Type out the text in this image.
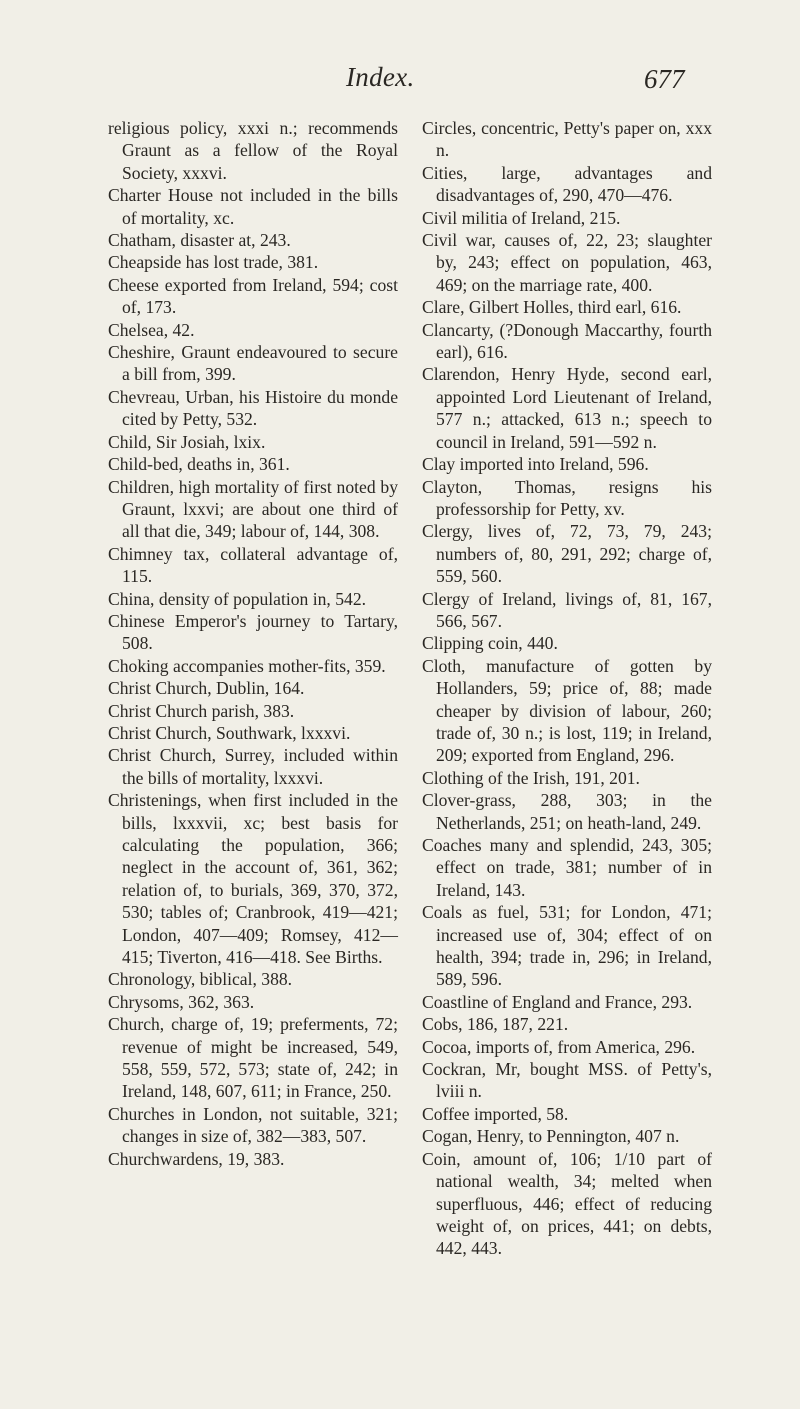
Index.	677

religious policy, xxxi n.; recommends Graunt as a fellow of the Royal Society, xxxvi.

Charter House not included in the bills of mortality, xc.

Chatham, disaster at, 243.

Cheapside has lost trade, 381.

Cheese exported from Ireland, 594; cost of, 173.

Chelsea, 42.

Cheshire, Graunt endeavoured to secure a bill from, 399.

Chevreau, Urban, his Histoire du monde cited by Petty, 532.

Child, Sir Josiah, lxix.

Child-bed, deaths in, 361.

Children, high mortality of first noted by Graunt, lxxvi; are about one third of all that die, 349; labour of, 144, 308.

Chimney tax, collateral advantage of, 115.

China, density of population in, 542.

Chinese Emperor's journey to Tartary, 508.

Choking accompanies mother-fits, 359.

Christ Church, Dublin, 164.

Christ Church parish, 383.

Christ Church, Southwark, lxxxvi.

Christ Church, Surrey, included within the bills of mortality, lxxxvi.

Christenings, when first included in the bills, lxxxvii, xc; best basis for calculating the population, 366; neglect in the account of, 361, 362; relation of, to burials, 369, 370, 372, 530; tables of; Cranbrook, 419—421; London, 407—409; Romsey, 412—415; Tiverton, 416—418. See Births.

Chronology, biblical, 388.

Chrysoms, 362, 363.

Church, charge of, 19; preferments, 72; revenue of might be increased, 549, 558, 559, 572, 573; state of, 242; in Ireland, 148, 607, 611; in France, 250.

Churches in London, not suitable, 321; changes in size of, 382—383, 507.

Churchwardens, 19, 383.

Circles, concentric, Petty's paper on, xxx n.

Cities, large, advantages and disadvantages of, 290, 470—476.

Civil militia of Ireland, 215.

Civil war, causes of, 22, 23; slaughter by, 243; effect on population, 463, 469; on the marriage rate, 400.

Clare, Gilbert Holles, third earl, 616.

Clancarty, (?Donough Maccarthy, fourth earl), 616.

Clarendon, Henry Hyde, second earl, appointed Lord Lieutenant of Ireland, 577 n.; attacked, 613 n.; speech to council in Ireland, 591—592 n.

Clay imported into Ireland, 596.

Clayton, Thomas, resigns his professorship for Petty, xv.

Clergy, lives of, 72, 73, 79, 243; numbers of, 80, 291, 292; charge of, 559, 560.

Clergy of Ireland, livings of, 81, 167, 566, 567.

Clipping coin, 440.

Cloth, manufacture of gotten by Hollanders, 59; price of, 88; made cheaper by division of labour, 260; trade of, 30 n.; is lost, 119; in Ireland, 209; exported from England, 296.

Clothing of the Irish, 191, 201.

Clover-grass, 288, 303; in the Netherlands, 251; on heath-land, 249.

Coaches many and splendid, 243, 305; effect on trade, 381; number of in Ireland, 143.

Coals as fuel, 531; for London, 471; increased use of, 304; effect of on health, 394; trade in, 296; in Ireland, 589, 596.

Coastline of England and France, 293.

Cobs, 186, 187, 221.

Cocoa, imports of, from America, 296.

Cockran, Mr, bought MSS. of Petty's, lviii n.

Coffee imported, 58.

Cogan, Henry, to Pennington, 407 n.

Coin, amount of, 106; 1/10 part of national wealth, 34; melted when superfluous, 446; effect of reducing weight of, on prices, 441; on debts, 442, 443.
